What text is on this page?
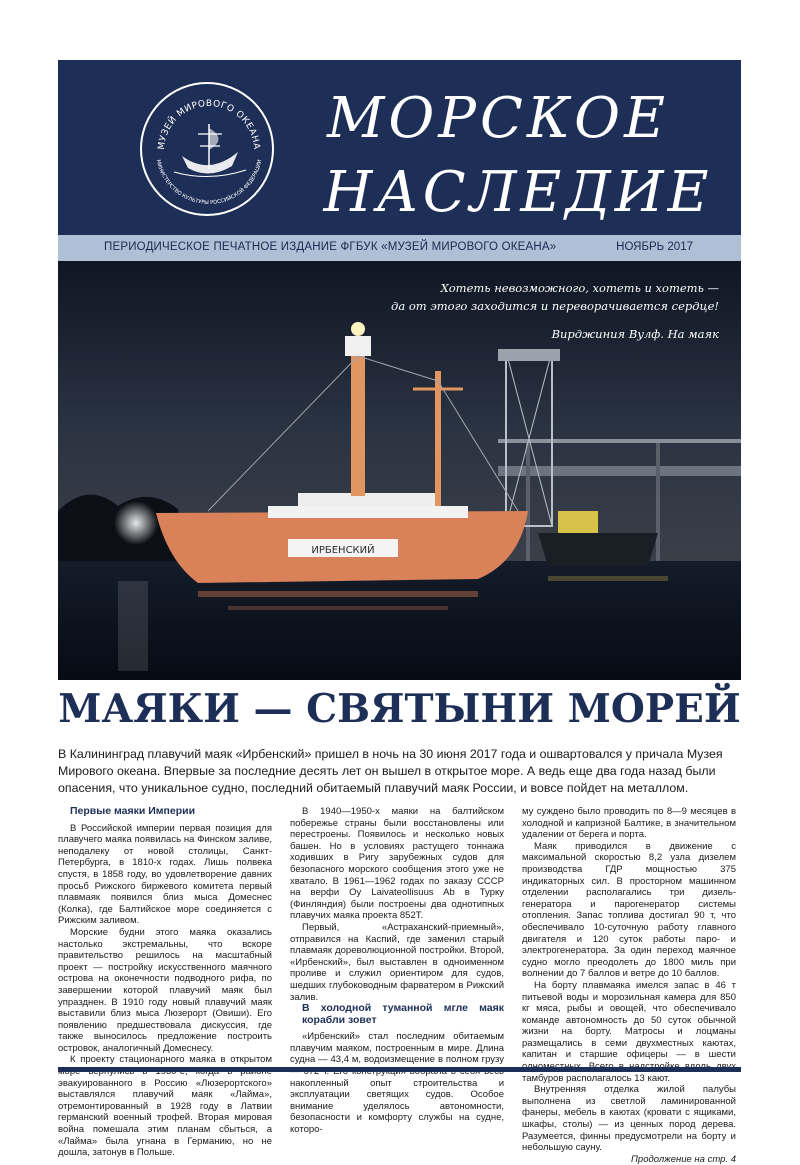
МУЗЕЙ МИРОВОГО ОКЕАНА
МИНИСТЕРСТВО КУЛЬТУРЫ РОССИЙСКОЙ ФЕДЕРАЦИИ
МОРСКОЕ
НАСЛЕДИЕ
ПЕРИОДИЧЕСКОЕ ПЕЧАТНОЕ ИЗДАНИЕ ФГБУК «МУЗЕЙ МИРОВОГО ОКЕАНА»	НОЯБРЬ 2017
ИРБЕНСКИЙ
Хотеть невозможного, хотеть и хотеть —
да от этого заходится и переворачивается сердце!
Вирджиния Вулф. На маяк
МАЯКИ — СВЯТЫНИ МОРЕЙ

В Калининград плавучий маяк «Ирбенский» пришел в ночь на 30 июня 2017 года и ошвартовался у причала Музея Мирового океана. Впервые за последние десять лет он вышел в открытое море. А ведь еще два года назад были опасения, что уникальное судно, последний обитаемый плавучий маяк России, и вовсе пойдет на металлом.

Первые маяки Империи

В Российской империи первая позиция для плавучего маяка появилась на Финском заливе, неподалеку от новой столицы, Санкт-Петербурга, в 1810-х годах. Лишь полвека спустя, в 1858 году, во удовлетворение давних просьб Рижского биржевого комитета первый плавмаяк появился близ мыса Домеснес (Колка), где Балтийское море соединяется с Рижским заливом.

Морские будни этого маяка оказались настолько экстремальны, что вскоре правительство решилось на масштабный проект — постройку искусственного маячного острова на оконечности подводного рифа, по завершении которой плавучий маяк был упразднен. В 1910 году новый плавучий маяк выставили близ мыса Люзерорт (Овиши). Его появлению предшествовала дискуссия, где также выносилось предложение построить островок, аналогичный Домеснесу.

К проекту стационарного маяка в открытом эвакуированного в Россию «Люзерортского» выставлялся плавучий маяк «Лайма», отремонтированный в 1928 году в Латвии германский военный трофей. Вторая мировая война помешала этим планам сбыться, а «Лайма» была угнана в Германию, но не дошла, затонув в Польше.

В 1940—1950-х маяки на балтийском побережье страны были восстановлены или перестроены. Появилось и несколько новых башен. Но в условиях растущего тоннажа ходивших в Ригу зарубежных судов для безопасного морского сообщения этого уже не хватало. В 1961—1962 годах по заказу СССР на верфи Oy Laivateollisuus Ab в Турку (Финляндия) были построены два однотипных плавучих маяка проекта 852Т.

Первый, «Астраханский-приемный», отправился на Каспий, где заменил старый плавмаяк дореволюционной постройки. Второй, «Ирбенский», был выставлен в одноименном проливе и служил ориентиром для судов, шедших глубоководным фарватером в Рижский залив.

В холодной туманной мгле маяк корабли зовет

«Ирбенский» стал последним обитаемым плавучим маяком, построенным в мире. Длина судна — 43,4 м, водоизмещение в полном грузу накопленный опыт строительства и эксплуатации светящих судов. Особое внимание уделялось автономности, безопасности и комфорту службы на судне, которо-

му суждено было проводить по 8—9 месяцев в холодной и капризной Балтике, в значительном удалении от берега и порта.

Маяк приводился в движение с максимальной скоростью 8,2 узла дизелем производства ГДР мощностью 375 индикаторных сил. В просторном машинном отделении располагались три дизель-генератора и парогенератор системы отопления. Запас топлива достигал 90 т, что обеспечивало 10-суточную работу главного двигателя и 120 суток работы паро- и электрогенератора. За один переход маячное судно могло преодолеть до 1800 миль при волнении до 7 баллов и ветре до 10 баллов.

На борту плавмаяка имелся запас в 46 т питьевой воды и морозильная камера для 850 кг мяса, рыбы и овощей, что обеспечивало команде автономность до 50 суток обычной жизни на борту. Матросы и лоцманы размещались в семи двухместных каютах, капитан и старшие офицеры — в шести тамбуров располагалось 13 кают.

Внутренняя отделка жилой палубы выполнена из светлой ламинированной фанеры, мебель в каютах (кровати с ящиками, шкафы, столы) — из ценных пород дерева. Разумеется, финны предусмотрели на борту и небольшую сауну.

Продолжение на стр. 4
